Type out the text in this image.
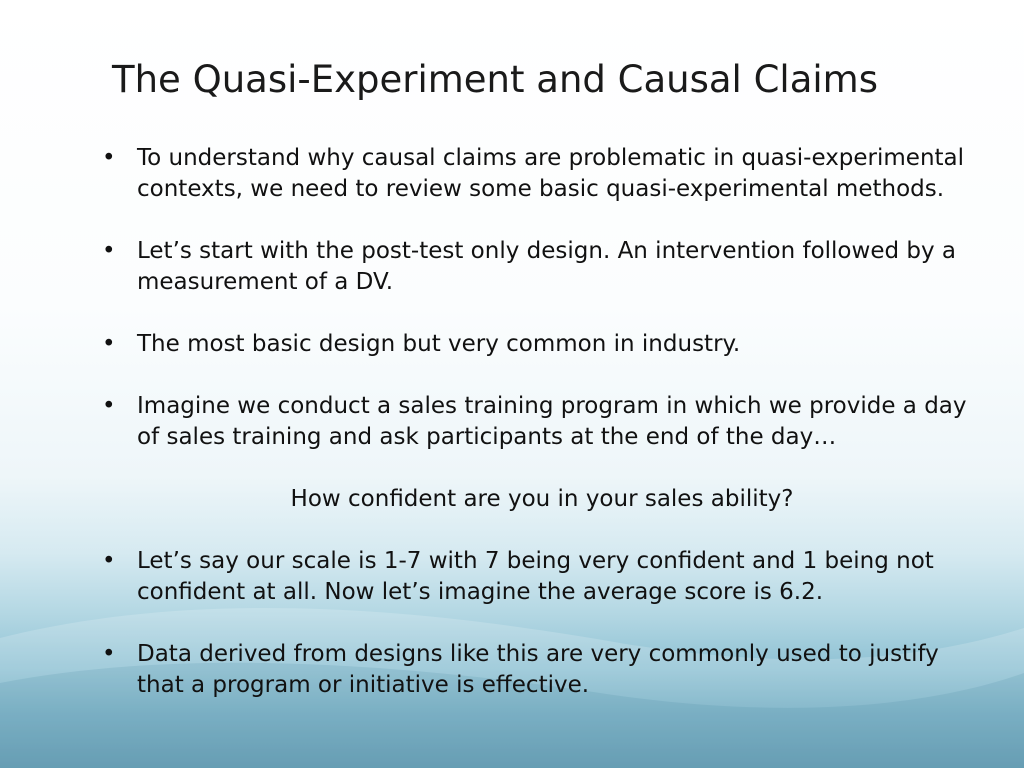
The Quasi-Experiment and Causal Claims
• To understand why causal claims are problematic in quasi-experimental contexts, we need to review some basic quasi-experimental methods.
• Let’s start with the post-test only design. An intervention followed by a measurement of a DV.
• The most basic design but very common in industry.
• Imagine we conduct a sales training program in which we provide a day of sales training and ask participants at the end of the day…
How confident are you in your sales ability?
• Let’s say our scale is 1-7 with 7 being very confident and 1 being not confident at all. Now let’s imagine the average score is 6.2.
• Data derived from designs like this are very commonly used to justify that a program or initiative is effective.
